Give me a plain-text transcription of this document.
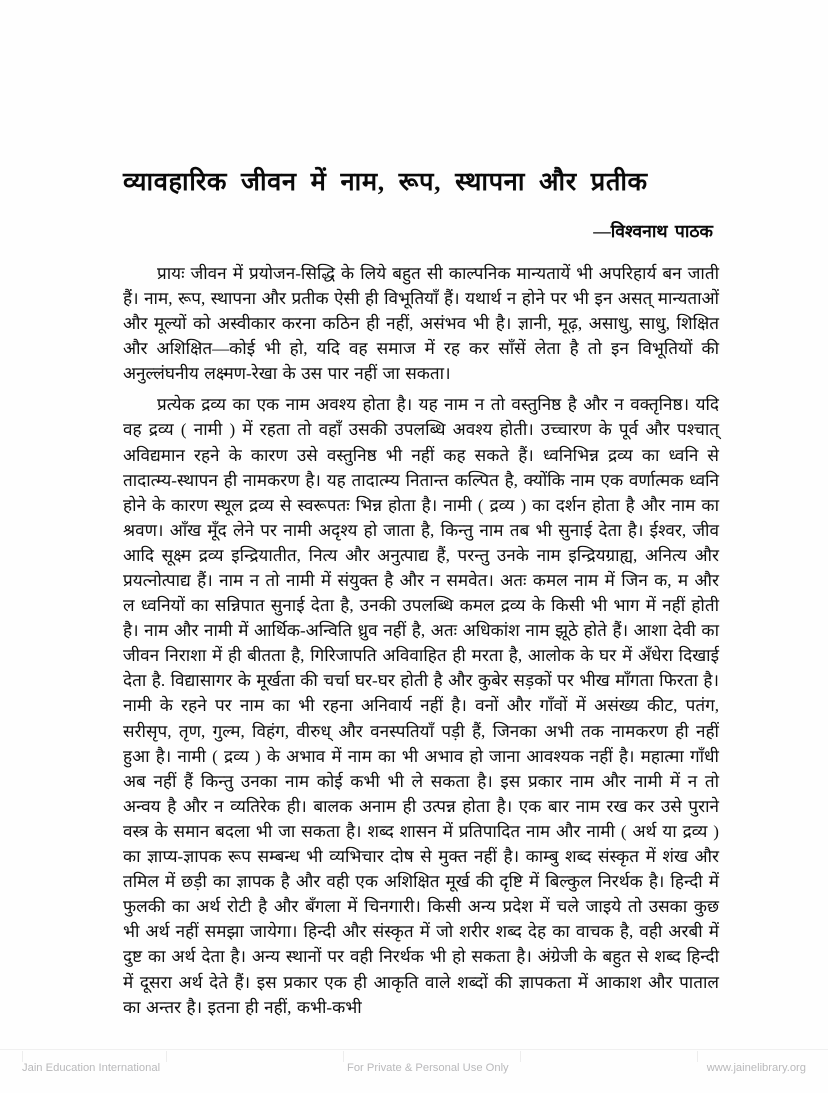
व्यावहारिक जीवन में नाम, रूप, स्थापना और प्रतीक
—विश्वनाथ पाठक

प्रायः जीवन में प्रयोजन-सिद्धि के लिये बहुत सी काल्पनिक मान्यतायें भी अपरिहार्य बन जाती हैं। नाम, रूप, स्थापना और प्रतीक ऐसी ही विभूतियाँ हैं। यथार्थ न होने पर भी इन असत् मान्यताओं और मूल्यों को अस्वीकार करना कठिन ही नहीं, असंभव भी है। ज्ञानी, मूढ़, असाधु, साधु, शिक्षित और अशिक्षित—कोई भी हो, यदि वह समाज में रह कर साँसें लेता है तो इन विभूतियों की अनुल्लंघनीय लक्ष्मण-रेखा के उस पार नहीं जा सकता।

प्रत्येक द्रव्य का एक नाम अवश्य होता है। यह नाम न तो वस्तुनिष्ठ है और न वक्तृनिष्ठ। यदि वह द्रव्य ( नामी ) में रहता तो वहाँ उसकी उपलब्धि अवश्य होती। उच्चारण के पूर्व और पश्चात् अविद्यमान रहने के कारण उसे वस्तुनिष्ठ भी नहीं कह सकते हैं। ध्वनिभिन्न द्रव्य का ध्वनि से तादात्म्य-स्थापन ही नामकरण है। यह तादात्म्य नितान्त कल्पित है, क्योंकि नाम एक वर्णात्मक ध्वनि होने के कारण स्थूल द्रव्य से स्वरूपतः भिन्न होता है। नामी ( द्रव्य ) का दर्शन होता है और नाम का श्रवण। आँख मूँद लेने पर नामी अदृश्य हो जाता है, किन्तु नाम तब भी सुनाई देता है। ईश्वर, जीव आदि सूक्ष्म द्रव्य इन्द्रियातीत, नित्य और अनुत्पाद्य हैं, परन्तु उनके नाम इन्द्रियग्राह्य, अनित्य और प्रयत्नोत्पाद्य हैं। नाम न तो नामी में संयुक्त है और न समवेत। अतः कमल नाम में जिन क, म और ल ध्वनियों का सन्निपात सुनाई देता है, उनकी उपलब्धि कमल द्रव्य के किसी भी भाग में नहीं होती है। नाम और नामी में आर्थिक-अन्विति ध्रुव नहीं है, अतः अधिकांश नाम झूठे होते हैं। आशा देवी का जीवन निराशा में ही बीतता है, गिरिजापति अविवाहित ही मरता है, आलोक के घर में अँधेरा दिखाई देता है. विद्यासागर के मूर्खता की चर्चा घर-घर होती है और कुबेर सड़कों पर भीख माँगता फिरता है। नामी के रहने पर नाम का भी रहना अनिवार्य नहीं है। वनों और गाँवों में असंख्य कीट, पतंग, सरीसृप, तृण, गुल्म, विहंग, वीरुध् और वनस्पतियाँ पड़ी हैं, जिनका अभी तक नामकरण ही नहीं हुआ है। नामी ( द्रव्य ) के अभाव में नाम का भी अभाव हो जाना आवश्यक नहीं है। महात्मा गाँधी अब नहीं हैं किन्तु उनका नाम कोई कभी भी ले सकता है। इस प्रकार नाम और नामी में न तो अन्वय है और न व्यतिरेक ही। बालक अनाम ही उत्पन्न होता है। एक बार नाम रख कर उसे पुराने वस्त्र के समान बदला भी जा सकता है। शब्द शासन में प्रतिपादित नाम और नामी ( अर्थ या द्रव्य ) का ज्ञाप्य-ज्ञापक रूप सम्बन्ध भी व्यभिचार दोष से मुक्त नहीं है। काम्बु शब्द संस्कृत में शंख और तमिल में छड़ी का ज्ञापक है और वही एक अशिक्षित मूर्ख की दृष्टि में बिल्कुल निरर्थक है। हिन्दी में फुलकी का अर्थ रोटी है और बँगला में चिनगारी। किसी अन्य प्रदेश में चले जाइये तो उसका कुछ भी अर्थ नहीं समझा जायेगा। हिन्दी और संस्कृत में जो शरीर शब्द देह का वाचक है, वही अरबी में दुष्ट का अर्थ देता है। अन्य स्थानों पर वही निरर्थक भी हो सकता है। अंग्रेजी के बहुत से शब्द हिन्दी में दूसरा अर्थ देते हैं। इस प्रकार एक ही आकृति वाले शब्दों की ज्ञापकता में आकाश और पाताल का अन्तर है। इतना ही नहीं, कभी-कभी

Jain Education International	For Private & Personal Use Only	www.jainelibrary.org
